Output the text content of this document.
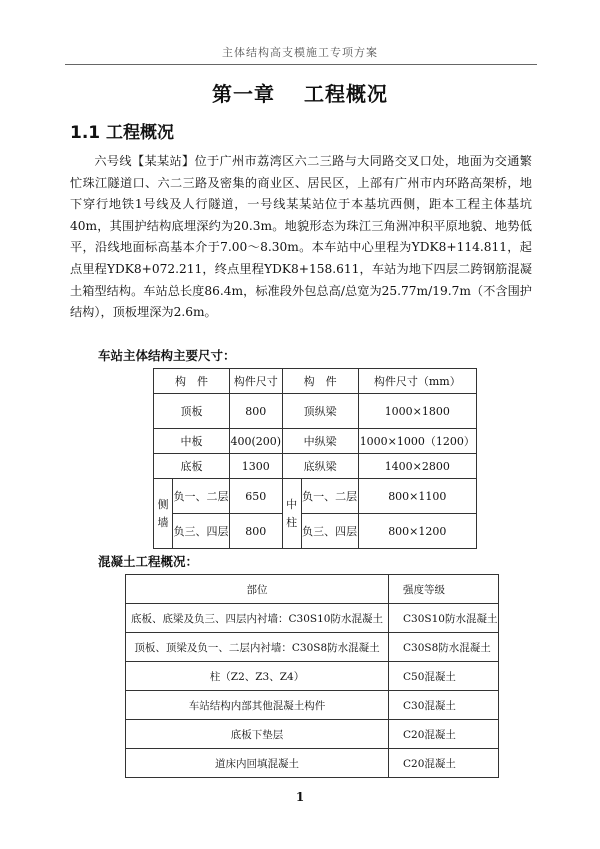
主体结构高支模施工专项方案
第一章　 工程概况
1.1 工程概况

六号线【某某站】位于广州市荔湾区六二三路与大同路交叉口处，地面为交通繁忙珠江隧道口、六二三路及密集的商业区、居民区，上部有广州市内环路高架桥，地下穿行地铁1号线及人行隧道，一号线某某站位于本基坑西侧，距本工程主体基坑40m，其围护结构底埋深约为20.3m。地貌形态为珠江三角洲冲积平原地貌、地势低平，沿线地面标高基本介于7.00～8.30m。本车站中心里程为YDK8+114.811，起点里程YDK8+072.211，终点里程YDK8+158.611，车站为地下四层二跨钢筋混凝土箱型结构。车站总长度86.4m，标准段外包总高/总宽为25.77m/19.7m（不含围护结构），顶板埋深为2.6m。

车站主体结构主要尺寸：
构　件		构件尺寸	构　件		构件尺寸（mm）
顶板		800	顶纵梁		1000×1800
中板		400(200)	中纵梁		1000×1000（1200）
底板		1300	底纵梁		1400×2800
侧墙	负一、二层	650	中柱	负一、二层	800×1100
	负三、四层	800		负三、四层	800×1200
混凝土工程概况：
部位	强度等级
底板、底梁及负三、四层内衬墙：C30S10防水混凝土	C30S10防水混凝土
顶板、顶梁及负一、二层内衬墙：C30S8防水混凝土	C30S8防水混凝土
柱（Z2、Z3、Z4）	C50混凝土
车站结构内部其他混凝土构件	C30混凝土
底板下垫层	C20混凝土
道床内回填混凝土	C20混凝土
1
